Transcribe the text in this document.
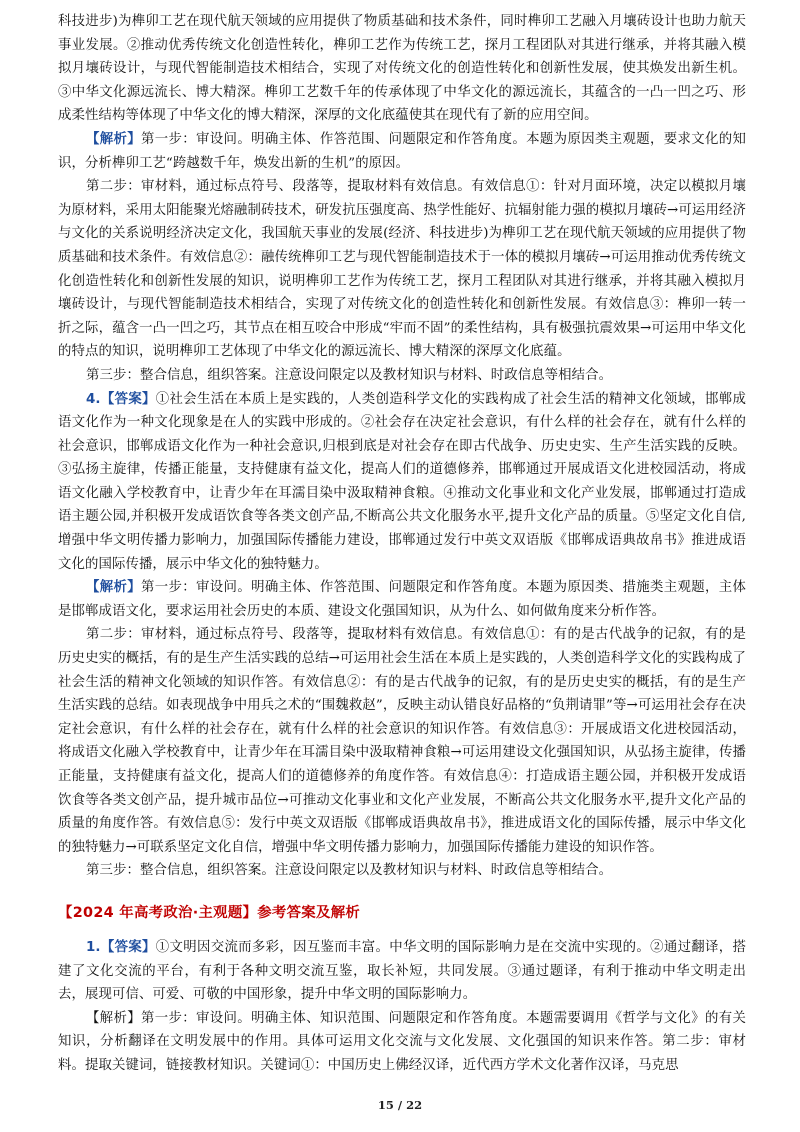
科技进步)为榫卯工艺在现代航天领域的应用提供了物质基础和技术条件，同时榫卯工艺融入月壤砖设计也助力航天事业发展。②推动优秀传统文化创造性转化，榫卯工艺作为传统工艺，探月工程团队对其进行继承，并将其融入模拟月壤砖设计，与现代智能制造技术相结合，实现了对传统文化的创造性转化和创新性发展，使其焕发出新生机。③中华文化源远流长、博大精深。榫卯工艺数千年的传承体现了中华文化的源远流长，其蕴含的一凸一凹之巧、形成柔性结构等体现了中华文化的博大精深，深厚的文化底蕴使其在现代有了新的应用空间。

【解析】第一步：审设问。明确主体、作答范围、问题限定和作答角度。本题为原因类主观题，要求文化的知识，分析榫卯工艺“跨越数千年，焕发出新的生机”的原因。

第二步：审材料，通过标点符号、段落等，提取材料有效信息。有效信息①：针对月面环境，决定以模拟月壤为原材料，采用太阳能聚光熔融制砖技术，研发抗压强度高、热学性能好、抗辐射能力强的模拟月壤砖→可运用经济与文化的关系说明经济决定文化，我国航天事业的发展(经济、科技进步)为榫卯工艺在现代航天领域的应用提供了物质基础和技术条件。有效信息②：融传统榫卯工艺与现代智能制造技术于一体的模拟月壤砖→可运用推动优秀传统文化创造性转化和创新性发展的知识，说明榫卯工艺作为传统工艺，探月工程团队对其进行继承，并将其融入模拟月壤砖设计，与现代智能制造技术相结合，实现了对传统文化的创造性转化和创新性发展。有效信息③：榫卯一转一折之际，蕴含一凸一凹之巧，其节点在相互咬合中形成“牢而不固”的柔性结构，具有极强抗震效果→可运用中华文化的特点的知识，说明榫卯工艺体现了中华文化的源远流长、博大精深的深厚文化底蕴。

第三步：整合信息，组织答案。注意设问限定以及教材知识与材料、时政信息等相结合。

4.【答案】①社会生活在本质上是实践的，人类创造科学文化的实践构成了社会生活的精神文化领域，邯郸成语文化作为一种文化现象是在人的实践中形成的。②社会存在决定社会意识，有什么样的社会存在，就有什么样的社会意识，邯郸成语文化作为一种社会意识,归根到底是对社会存在即古代战争、历史史实、生产生活实践的反映。③弘扬主旋律，传播正能量，支持健康有益文化，提高人们的道德修养，邯郸通过开展成语文化进校园活动，将成语文化融入学校教育中，让青少年在耳濡目染中汲取精神食粮。④推动文化事业和文化产业发展，邯郸通过打造成语主题公园,并积极开发成语饮食等各类文创产品,不断高公共文化服务水平,提升文化产品的质量。⑤坚定文化自信,增强中华文明传播力影响力，加强国际传播能力建设，邯郸通过发行中英文双语版《邯郸成语典故帛书》推进成语文化的国际传播，展示中华文化的独特魅力。

【解析】第一步：审设问。明确主体、作答范围、问题限定和作答角度。本题为原因类、措施类主观题，主体是邯郸成语文化，要求运用社会历史的本质、建设文化强国知识，从为什么、如何做角度来分析作答。

第二步：审材料，通过标点符号、段落等，提取材料有效信息。有效信息①：有的是古代战争的记叙，有的是历史史实的概括，有的是生产生活实践的总结→可运用社会生活在本质上是实践的，人类创造科学文化的实践构成了社会生活的精神文化领域的知识作答。有效信息②：有的是古代战争的记叙，有的是历史史实的概括，有的是生产生活实践的总结。如表现战争中用兵之术的“围魏救赵”，反映主动认错良好品格的“负荆请罪”等→可运用社会存在决定社会意识，有什么样的社会存在，就有什么样的社会意识的知识作答。有效信息③：开展成语文化进校园活动，将成语文化融入学校教育中，让青少年在耳濡目染中汲取精神食粮→可运用建设文化强国知识，从弘扬主旋律，传播正能量，支持健康有益文化，提高人们的道德修养的角度作答。有效信息④：打造成语主题公园，并积极开发成语饮食等各类文创产品，提升城市品位→可推动文化事业和文化产业发展，不断高公共文化服务水平,提升文化产品的质量的角度作答。有效信息⑤：发行中英文双语版《邯郸成语典故帛书》，推进成语文化的国际传播，展示中华文化的独特魅力→可联系坚定文化自信，增强中华文明传播力影响力，加强国际传播能力建设的知识作答。

第三步：整合信息，组织答案。注意设问限定以及教材知识与材料、时政信息等相结合。

【2024 年高考政治·主观题】参考答案及解析

1.【答案】①文明因交流而多彩，因互鉴而丰富。中华文明的国际影响力是在交流中实现的。②通过翻译，搭建了文化交流的平台，有利于各种文明交流互鉴，取长补短，共同发展。③通过题译，有利于推动中华文明走出去，展现可信、可爱、可敬的中国形象，提升中华文明的国际影响力。

【解析】第一步：审设问。明确主体、知识范围、问题限定和作答角度。本题需要调用《哲学与文化》的有关知识，分析翻译在文明发展中的作用。具体可运用文化交流与文化发展、文化强国的知识来作答。第二步：审材料。提取关键词，链接教材知识。关键词①：中国历史上佛经汉译，近代西方学术文化著作汉译，马克思

15 / 22
